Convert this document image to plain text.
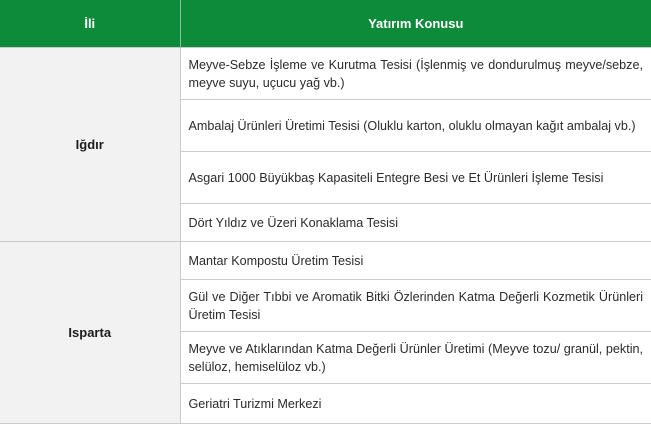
İli	Yatırım Konusu
Iğdır	Meyve-Sebze İşleme ve Kurutma Tesisi (İşlenmiş ve dondurulmuş meyve/sebze, meyve suyu, uçucu yağ vb.)
	Ambalaj Ürünleri Üretimi Tesisi (Oluklu karton, oluklu olmayan kağıt ambalaj vb.)
	Asgari 1000 Büyükbaş Kapasiteli Entegre Besi ve Et Ürünleri İşleme Tesisi
	Dört Yıldız ve Üzeri Konaklama Tesisi
Isparta	Mantar Kompostu Üretim Tesisi
	Gül ve Diğer Tıbbi ve Aromatik Bitki Özlerinden Katma Değerli Kozmetik Ürünleri Üretim Tesisi
	Meyve ve Atıklarından Katma Değerli Ürünler Üretimi (Meyve tozu/ granül, pektin, selüloz, hemiselüloz vb.)
	Geriatri Turizmi Merkezi
